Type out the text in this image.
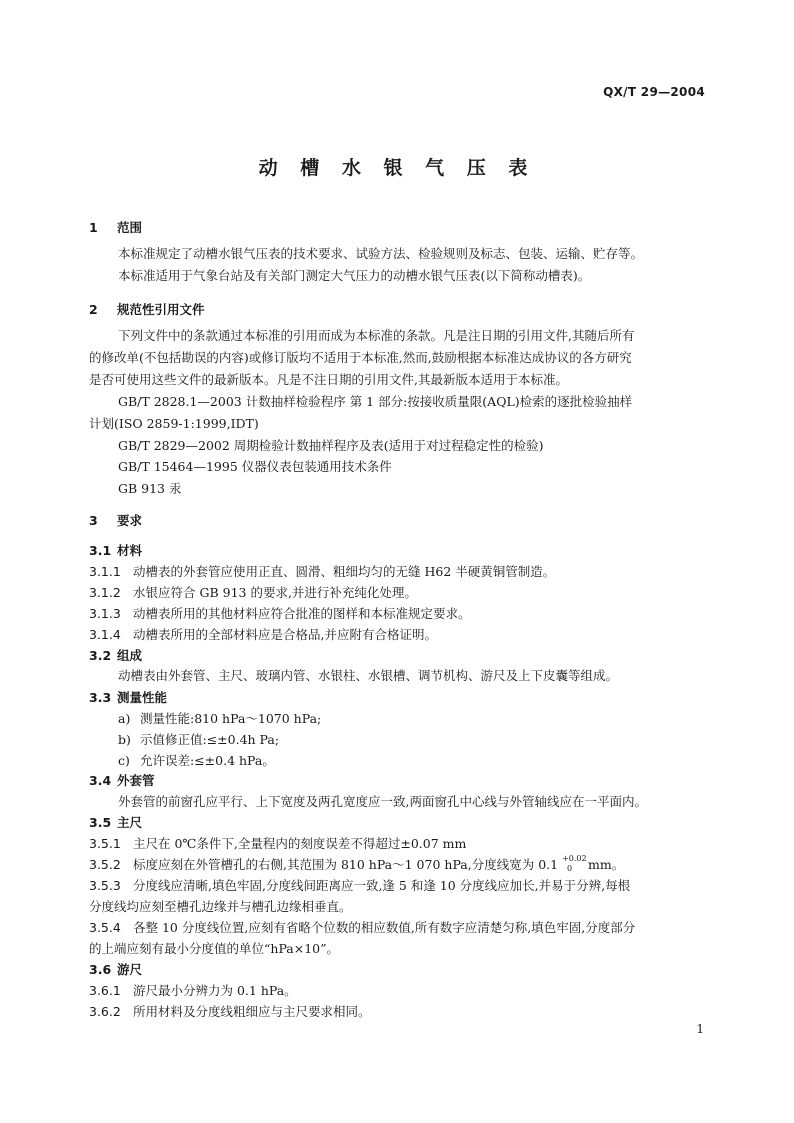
QX/T 29—2004
动 槽 水 银 气 压 表
1 范围
本标准规定了动槽水银气压表的技术要求、试验方法、检验规则及标志、包装、运输、贮存等。
本标准适用于气象台站及有关部门测定大气压力的动槽水银气压表(以下简称动槽表)。
2 规范性引用文件
下列文件中的条款通过本标准的引用而成为本标准的条款。凡是注日期的引用文件,其随后所有
的修改单(不包括勘误的内容)或修订版均不适用于本标准,然而,鼓励根据本标准达成协议的各方研究
是否可使用这些文件的最新版本。凡是不注日期的引用文件,其最新版本适用于本标准。
GB/T 2828.1—2003 计数抽样检验程序 第 1 部分:按接收质量限(AQL)检索的逐批检验抽样
计划(ISO 2859-1:1999,IDT)
GB/T 2829—2002 周期检验计数抽样程序及表(适用于对过程稳定性的检验)
GB/T 15464—1995 仪器仪表包装通用技术条件
GB 913 汞
3 要求
3.1 材料
3.1.1 动槽表的外套管应使用正直、圆滑、粗细均匀的无缝 H62 半硬黄铜管制造。
3.1.2 水银应符合 GB 913 的要求,并进行补充纯化处理。
3.1.3 动槽表所用的其他材料应符合批准的图样和本标准规定要求。
3.1.4 动槽表所用的全部材料应是合格品,并应附有合格证明。
3.2 组成
动槽表由外套管、主尺、玻璃内管、水银柱、水银槽、调节机构、游尺及上下皮囊等组成。
3.3 测量性能
a) 测量性能:810 hPa～1070 hPa;
b) 示值修正值:≤±0.4h Pa;
c) 允许误差:≤±0.4 hPa。
3.4 外套管
外套管的前窗孔应平行、上下宽度及两孔宽度应一致,两面窗孔中心线与外管轴线应在一平面内。
3.5 主尺
3.5.1 主尺在 0℃条件下,全量程内的刻度误差不得超过±0.07 mm
3.5.2 标度应刻在外管槽孔的右侧,其范围为 810 hPa～1 070 hPa,分度线宽为 0.1 +0.02
0 mm。
3.5.3 分度线应清晰,填色牢固,分度线间距离应一致,逢 5 和逢 10 分度线应加长,并易于分辨,每根
分度线均应刻至槽孔边缘并与槽孔边缘相垂直。
3.5.4 各整 10 分度线位置,应刻有省略个位数的相应数值,所有数字应清楚匀称,填色牢固,分度部分
的上端应刻有最小分度值的单位“hPa×10”。
3.6 游尺
3.6.1 游尺最小分辨力为 0.1 hPa。
3.6.2 所用材料及分度线粗细应与主尺要求相同。
1
